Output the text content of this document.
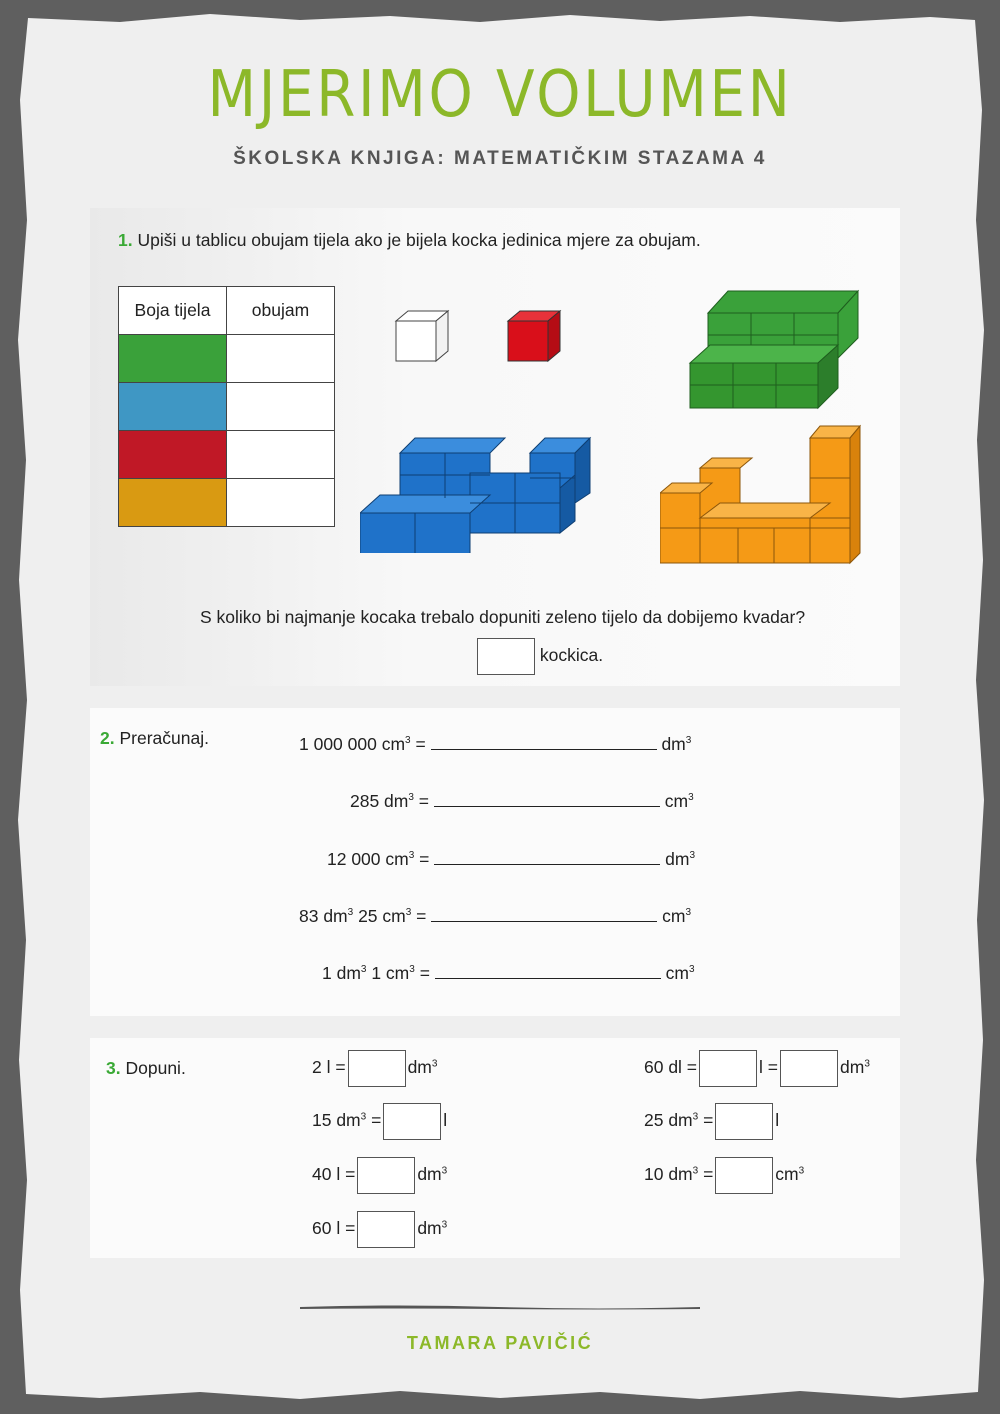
MJERIMO VOLUMEN
ŠKOLSKA KNJIGA: MATEMATIČKIM STAZAMA 4
1. Upiši u tablicu obujam tijela ako je bijela kocka jedinica mjere za obujam.
Boja tijela	obujam

S koliko bi najmanje kocaka trebalo dopuniti zeleno tijelo da dobijemo kvadar?
kockica.
2. Preračunaj.	1 000 000 $cm^3$ =	$dm^3$
285 $dm^3$ =	$cm^3$
12 000 $cm^3$ =	$dm^3$
83 $dm^3$ 25 $cm^3$ =	$cm^3$
1 $dm^3$ 1 $cm^3$ =	$cm^3$
3. Dopuni.	2 l =	$dm^3$
15 $dm^3$ =	l
40 l =	$dm^3$
60 l =	$dm^3$
60 dl =	l =	$dm^3$
25 $dm^3$ =	l
10 $dm^3$ =	$cm^3$
TAMARA PAVIČIĆ
